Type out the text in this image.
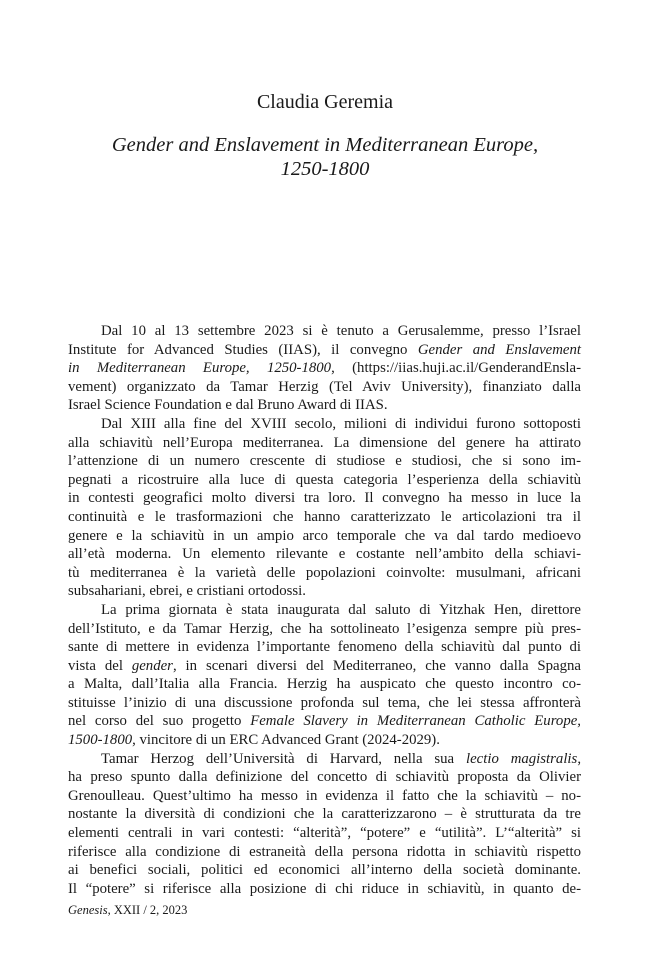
Claudia Geremia
Gender and Enslavement in Mediterranean Europe,
1250-1800

Dal 10 al 13 settembre 2023 si è tenuto a Gerusalemme, presso l’Israel
Institute for Advanced Studies (IIAS), il convegno Gender and Enslavement
in Mediterranean Europe, 1250-1800, (https://iias.huji.ac.il/GenderandEnsla-
vement) organizzato da Tamar Herzig (Tel Aviv University), finanziato dalla
Israel Science Foundation e dal Bruno Award di IIAS.

Dal XIII alla fine del XVIII secolo, milioni di individui furono sottoposti
alla schiavitù nell’Europa mediterranea. La dimensione del genere ha attirato
l’attenzione di un numero crescente di studiose e studiosi, che si sono im-
pegnati a ricostruire alla luce di questa categoria l’esperienza della schiavitù
in contesti geografici molto diversi tra loro. Il convegno ha messo in luce la
continuità e le trasformazioni che hanno caratterizzato le articolazioni tra il
genere e la schiavitù in un ampio arco temporale che va dal tardo medioevo
all’età moderna. Un elemento rilevante e costante nell’ambito della schiavi-
tù mediterranea è la varietà delle popolazioni coinvolte: musulmani, africani
subsahariani, ebrei, e cristiani ortodossi.

La prima giornata è stata inaugurata dal saluto di Yitzhak Hen, direttore
dell’Istituto, e da Tamar Herzig, che ha sottolineato l’esigenza sempre più pres-
sante di mettere in evidenza l’importante fenomeno della schiavitù dal punto di
vista del gender, in scenari diversi del Mediterraneo, che vanno dalla Spagna
a Malta, dall’Italia alla Francia. Herzig ha auspicato che questo incontro co-
stituisse l’inizio di una discussione profonda sul tema, che lei stessa affronterà
nel corso del suo progetto Female Slavery in Mediterranean Catholic Europe,
1500-1800, vincitore di un ERC Advanced Grant (2024-2029).

Tamar Herzog dell’Università di Harvard, nella sua lectio magistralis,
ha preso spunto dalla definizione del concetto di schiavitù proposta da Olivier
Grenoulleau. Quest’ultimo ha messo in evidenza il fatto che la schiavitù – no-
nostante la diversità di condizioni che la caratterizzarono – è strutturata da tre
elementi centrali in vari contesti: “alterità”, “potere” e “utilità”. L’“alterità” si
riferisce alla condizione di estraneità della persona ridotta in schiavitù rispetto
ai benefici sociali, politici ed economici all’interno della società dominante.
Il “potere” si riferisce alla posizione di chi riduce in schiavitù, in quanto de-

Genesis, XXII / 2, 2023
